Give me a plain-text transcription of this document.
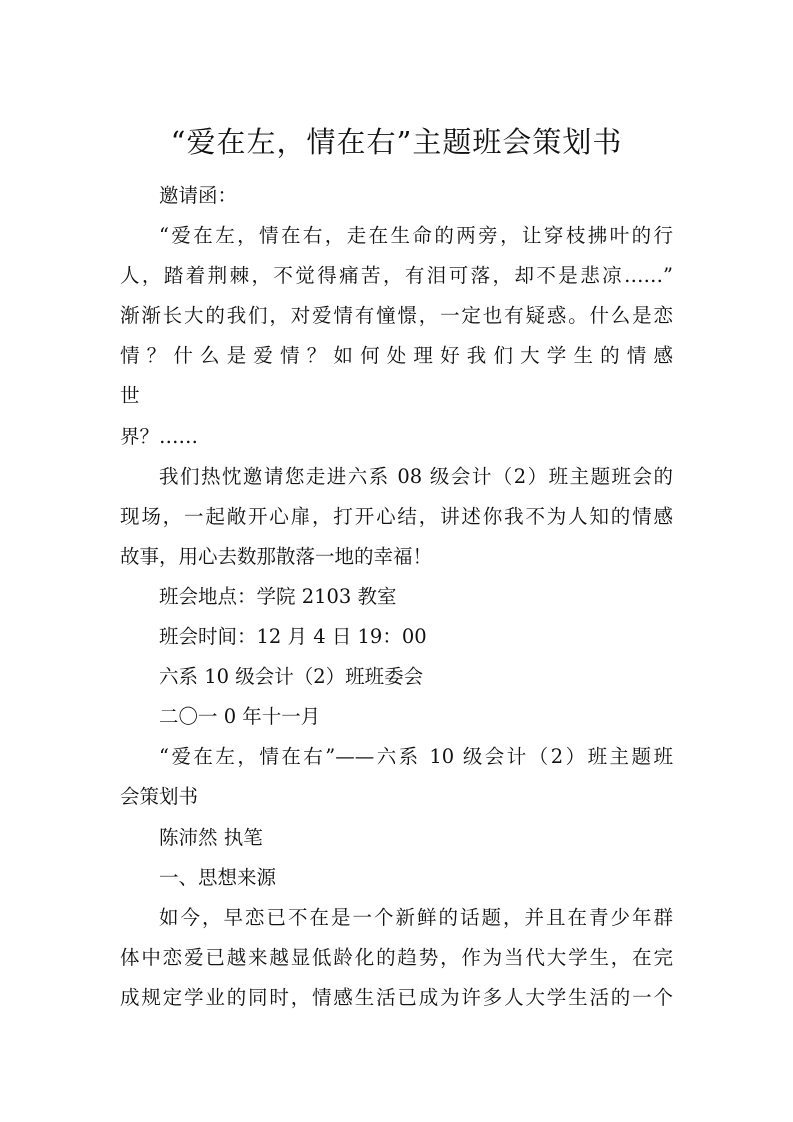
“爱在左，情在右”主题班会策划书
邀请函：
“爱在左，情在右，走在生命的两旁，让穿枝拂叶的行
人，踏着荆棘，不觉得痛苦，有泪可落，却不是悲凉……”
渐渐长大的我们，对爱情有憧憬，一定也有疑惑。什么是恋
情 ？ 什 么 是 爱 情 ？ 如 何 处 理 好 我 们 大 学 生 的 情 感 世
界？……
我们热忱邀请您走进六系 08 级会计（2）班主题班会的
现场，一起敞开心扉，打开心结，讲述你我不为人知的情感
故事，用心去数那散落一地的幸福！
班会地点：学院 2103 教室
班会时间：12 月 4 日 19：00
六系 10 级会计（2）班班委会
二〇一 0 年十一月
“爱在左，情在右”——六系 10 级会计（2）班主题班
会策划书
陈沛然 执笔
一、思想来源
如今，早恋已不在是一个新鲜的话题，并且在青少年群
体中恋爱已越来越显低龄化的趋势，作为当代大学生，在完
成规定学业的同时，情感生活已成为许多人大学生活的一个
